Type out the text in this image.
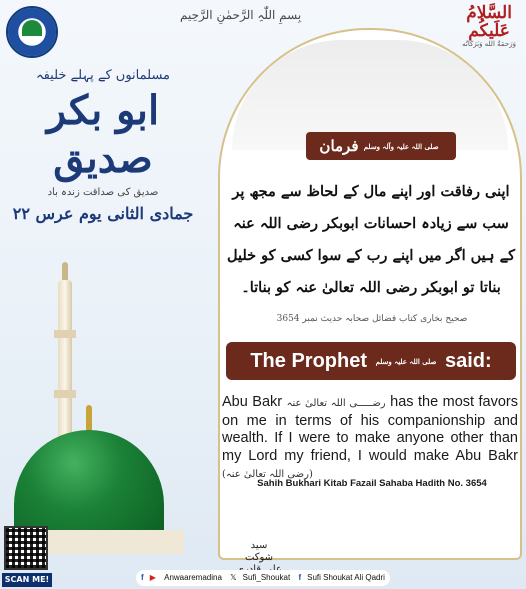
بِسمِ اللّٰہِ الرَّحمٰنِ الرَّحِیم	السَّلامُ
عَلَيكُم
وَرَحمَةُ الله وَبَرَكَاتُه
مسلمانوں کے پہلے خلیفہ
ابو بکر صدیق
صدیق کی صداقت زندہ باد
۲۲ جمادی الثانی یوم عرس
SCAN ME!
صلی اللہ علیہ وآلہ وسلم فرمان آخری نبی
اپنی رفاقت اور اپنے مال کے لحاظ سے مجھ پر سب سے زیادہ احسانات ابوبکر رضی اللہ عنہ کے ہیں اگر میں اپنے رب کے سوا کسی کو خلیل بناتا تو ابوبکر رضی اللہ تعالیٰ عنہ کو بناتا۔
صحیح بخاری کتاب فضائل صحابہ حدیث نمبر 3654
The Prophet صلی اللہ علیہ وسلم said:
Abu Bakr رضـــــی اللہ تعالیٰ عنہ has the most favors on me in terms of his companionship and wealth. If I were to make anyone other than my Lord my friend, I would make Abu Bakr (رضی اللہ تعالیٰ عنہ)
Sahih Bukhari Kitab Fazail Sahaba Hadith No. 3654
سید شوکت
f ▶ Anwaaremadina 𝕏 Sufi_Shoukat f Sufi Shoukat Ali Qadri
